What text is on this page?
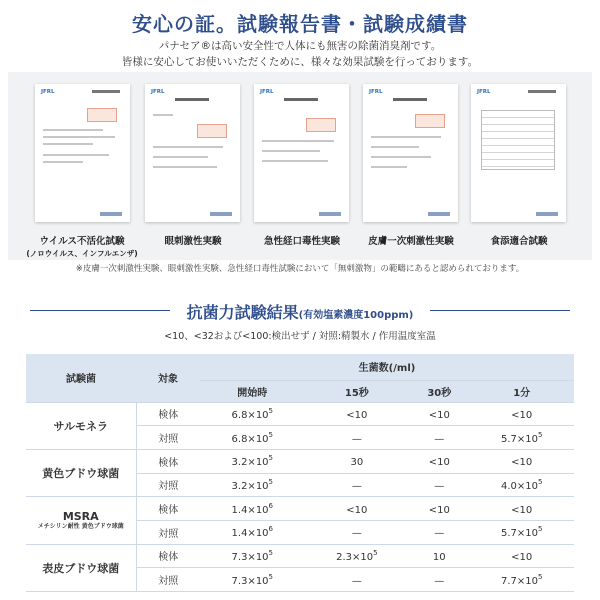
安心の証。試験報告書・試験成績書
パナセア®は高い安全性で人体にも無害の除菌消臭剤です。
皆様に安心してお使いいただくために、様々な効果試験を行っております。
JFRL	JFRL	JFRL	JFRL	JFRL
ウイルス不活化試験
(ノロウイルス、インフルエンザ)
眼刺激性実験	急性経口毒性実験	皮膚一次刺激性実験	食添適合試験
※皮膚一次刺激性実験、眼刺激性実験、急性経口毒性試験において「無刺激物」の範疇にあると認められております。
抗菌力試験結果(有効塩素濃度100ppm)
<10、<32および<100:検出せず / 対照:精製水 / 作用温度室温
試験菌	対象	生菌数(/ml)			
		開始時	15秒	30秒	1分
サルモネラ	検体	$6.8\times 10^5$	<10	<10	<10
	対照	$6.8\times 10^5$	—	—	$5.7\times 10^5$
黄色ブドウ球菌	検体	$3.2\times 10^5$	30	<10	<10
	対照	$3.2\times 10^5$	—	—	$4.0\times 10^5$
MSRA
メチシリン耐性 黄色ブドウ球菌	検体	$1.4\times 10^6$	<10	<10	<10
	対照	$1.4\times 10^6$	—	—	$5.7\times 10^5$
表皮ブドウ球菌	検体	$7.3\times 10^5$	$2.3\times 10^5$	10	<10
	対照	$7.3\times 10^5$	—	—	$7.7\times 10^5$
